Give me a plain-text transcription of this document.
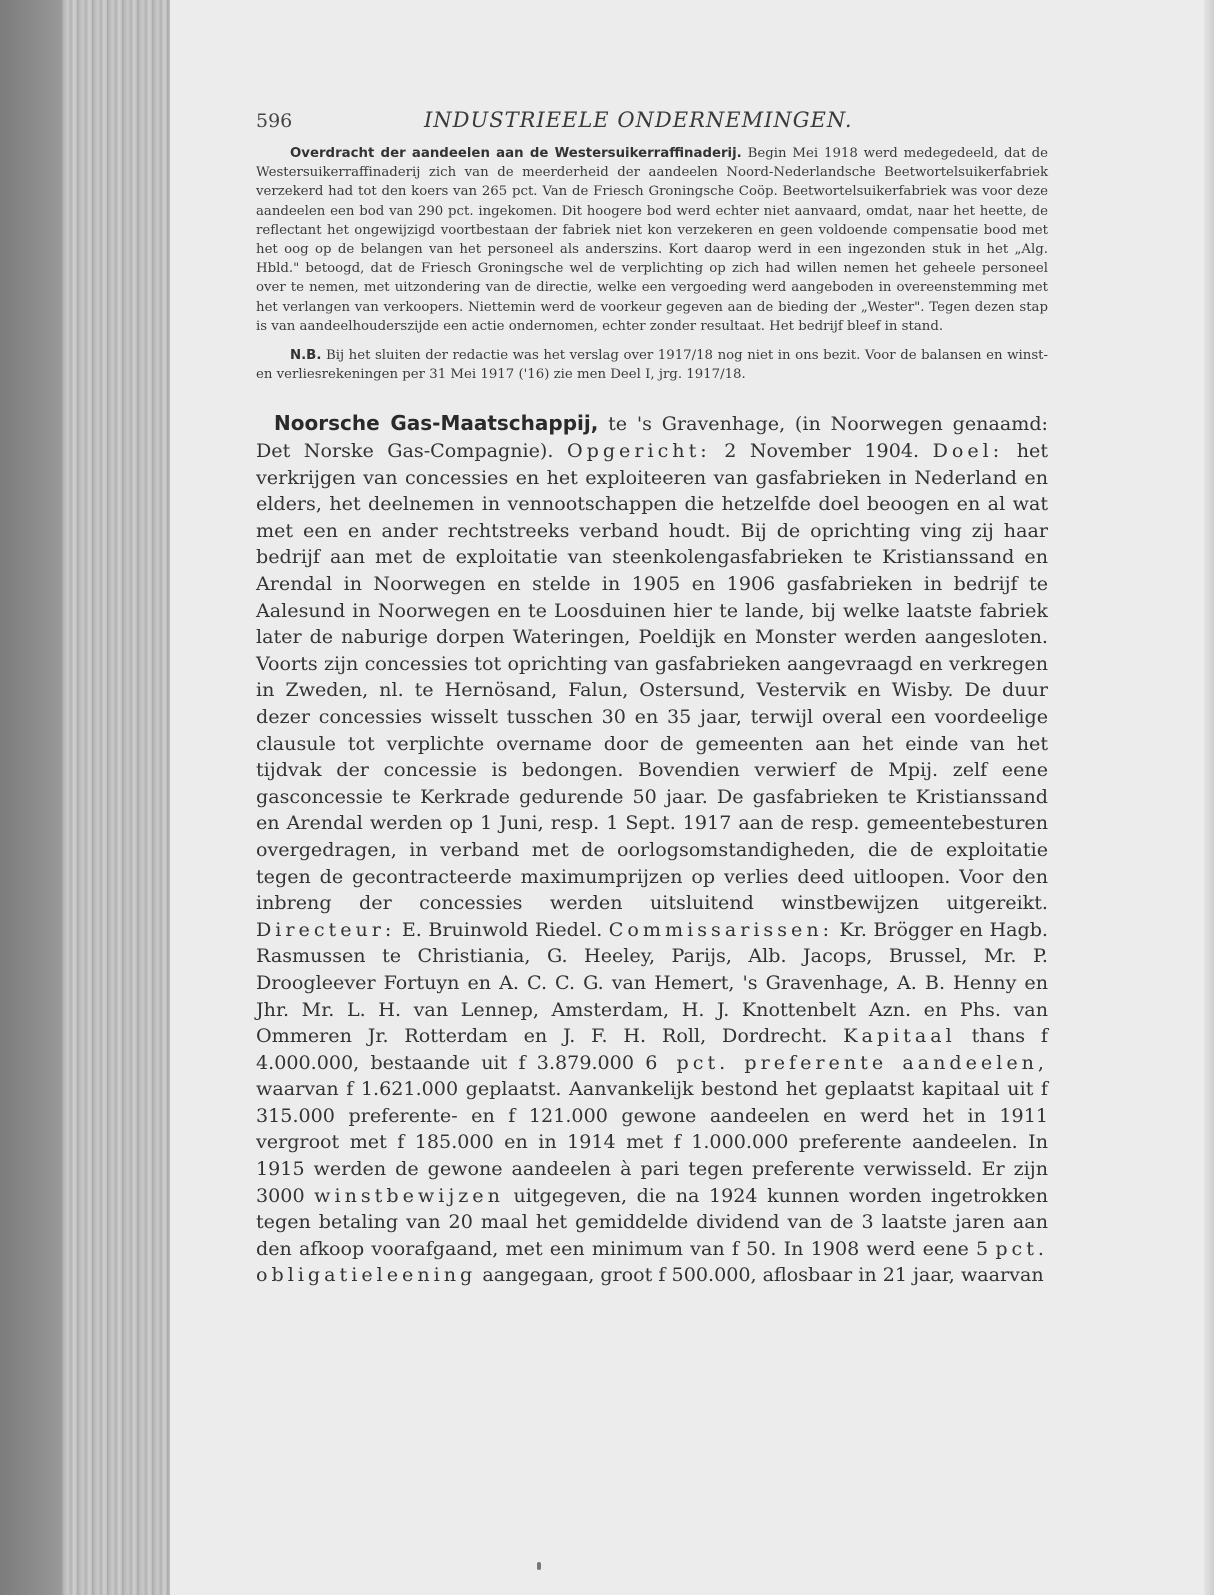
596	INDUSTRIEELE ONDERNEMINGEN.

Overdracht der aandeelen aan de Westersuikerraffinaderij. Begin Mei 1918 werd medegedeeld, dat de Westersuikerraffinaderij zich van de meerderheid der aandeelen Noord-Nederlandsche Beetwortelsuikerfabriek verzekerd had tot den koers van 265 pct. Van de Friesch Groningsche Coöp. Beetwortelsuikerfabriek was voor deze aandeelen een bod van 290 pct. ingekomen. Dit hoogere bod werd echter niet aanvaard, omdat, naar het heette, de reflectant het ongewijzigd voortbestaan der fabriek niet kon verzekeren en geen voldoende compensatie bood met het oog op de belangen van het personeel als anderszins. Kort daarop werd in een ingezonden stuk in het „Alg. Hbld." betoogd, dat de Friesch Groningsche wel de verplichting op zich had willen nemen het geheele personeel over te nemen, met uitzondering van de directie, welke een vergoeding werd aangeboden in overeenstemming met het verlangen van verkoopers. Niettemin werd de voorkeur gegeven aan de bieding der „Wester". Tegen dezen stap is van aandeelhouderszijde een actie ondernomen, echter zonder resultaat. Het bedrijf bleef in stand.

N.B. Bij het sluiten der redactie was het verslag over 1917/18 nog niet in ons bezit. Voor de balansen en winst- en verliesrekeningen per 31 Mei 1917 ('16) zie men Deel I, jrg. 1917/18.

Noorsche Gas-Maatschappij, te 's Gravenhage, (in Noorwegen genaamd: Det Norske Gas-Compagnie). Opgericht: 2 November 1904. Doel: het verkrijgen van concessies en het exploiteeren van gasfabrieken in Nederland en elders, het deelnemen in vennootschappen die hetzelfde doel beoogen en al wat met een en ander rechtstreeks verband houdt. Bij de oprichting ving zij haar bedrijf aan met de exploitatie van steenkolengasfabrieken te Kristianssand en Arendal in Noorwegen en stelde in 1905 en 1906 gasfabrieken in bedrijf te Aalesund in Noorwegen en te Loosduinen hier te lande, bij welke laatste fabriek later de naburige dorpen Wateringen, Poeldijk en Monster werden aangesloten. Voorts zijn concessies tot oprichting van gasfabrieken aangevraagd en verkregen in Zweden, nl. te Hernösand, Falun, Ostersund, Vestervik en Wisby. De duur dezer concessies wisselt tusschen 30 en 35 jaar, terwijl overal een voordeelige clausule tot verplichte overname door de gemeenten aan het einde van het tijdvak der concessie is bedongen. Bovendien verwierf de Mpij. zelf eene gasconcessie te Kerkrade gedurende 50 jaar. De gasfabrieken te Kristianssand en Arendal werden op 1 Juni, resp. 1 Sept. 1917 aan de resp. gemeentebesturen overgedragen, in verband met de oorlogsomstandigheden, die de exploitatie tegen de gecontracteerde maximumprijzen op verlies deed uitloopen. Voor den inbreng der concessies werden uitsluitend winstbewijzen uitgereikt. Directeur: E. Bruinwold Riedel. Commissarissen: Kr. Brögger en Hagb. Rasmussen te Christiania, G. Heeley, Parijs, Alb. Jacops, Brussel, Mr. P. Droogleever Fortuyn en A. C. C. G. van Hemert, 's Gravenhage, A. B. Henny en Jhr. Mr. L. H. van Lennep, Amsterdam, H. J. Knottenbelt Azn. en Phs. van Ommeren Jr. Rotterdam en J. F. H. Roll, Dordrecht. Kapitaal thans f 4.000.000, bestaande uit f 3.879.000 6 pct. preferente aandeelen, waarvan f 1.621.000 geplaatst. Aanvankelijk bestond het geplaatst kapitaal uit f 315.000 preferente- en f 121.000 gewone aandeelen en werd het in 1911 vergroot met f 185.000 en in 1914 met f 1.000.000 preferente aandeelen. In 1915 werden de gewone aandeelen à pari tegen preferente verwisseld. Er zijn 3000 winstbewijzen uitgegeven, die na 1924 kunnen worden ingetrokken tegen betaling van 20 maal het gemiddelde dividend van de 3 laatste jaren aan den afkoop voorafgaand, met een minimum van f 50. In 1908 werd eene 5 pct. obligatieleening aangegaan, groot f 500.000, aflosbaar in 21 jaar, waarvan
